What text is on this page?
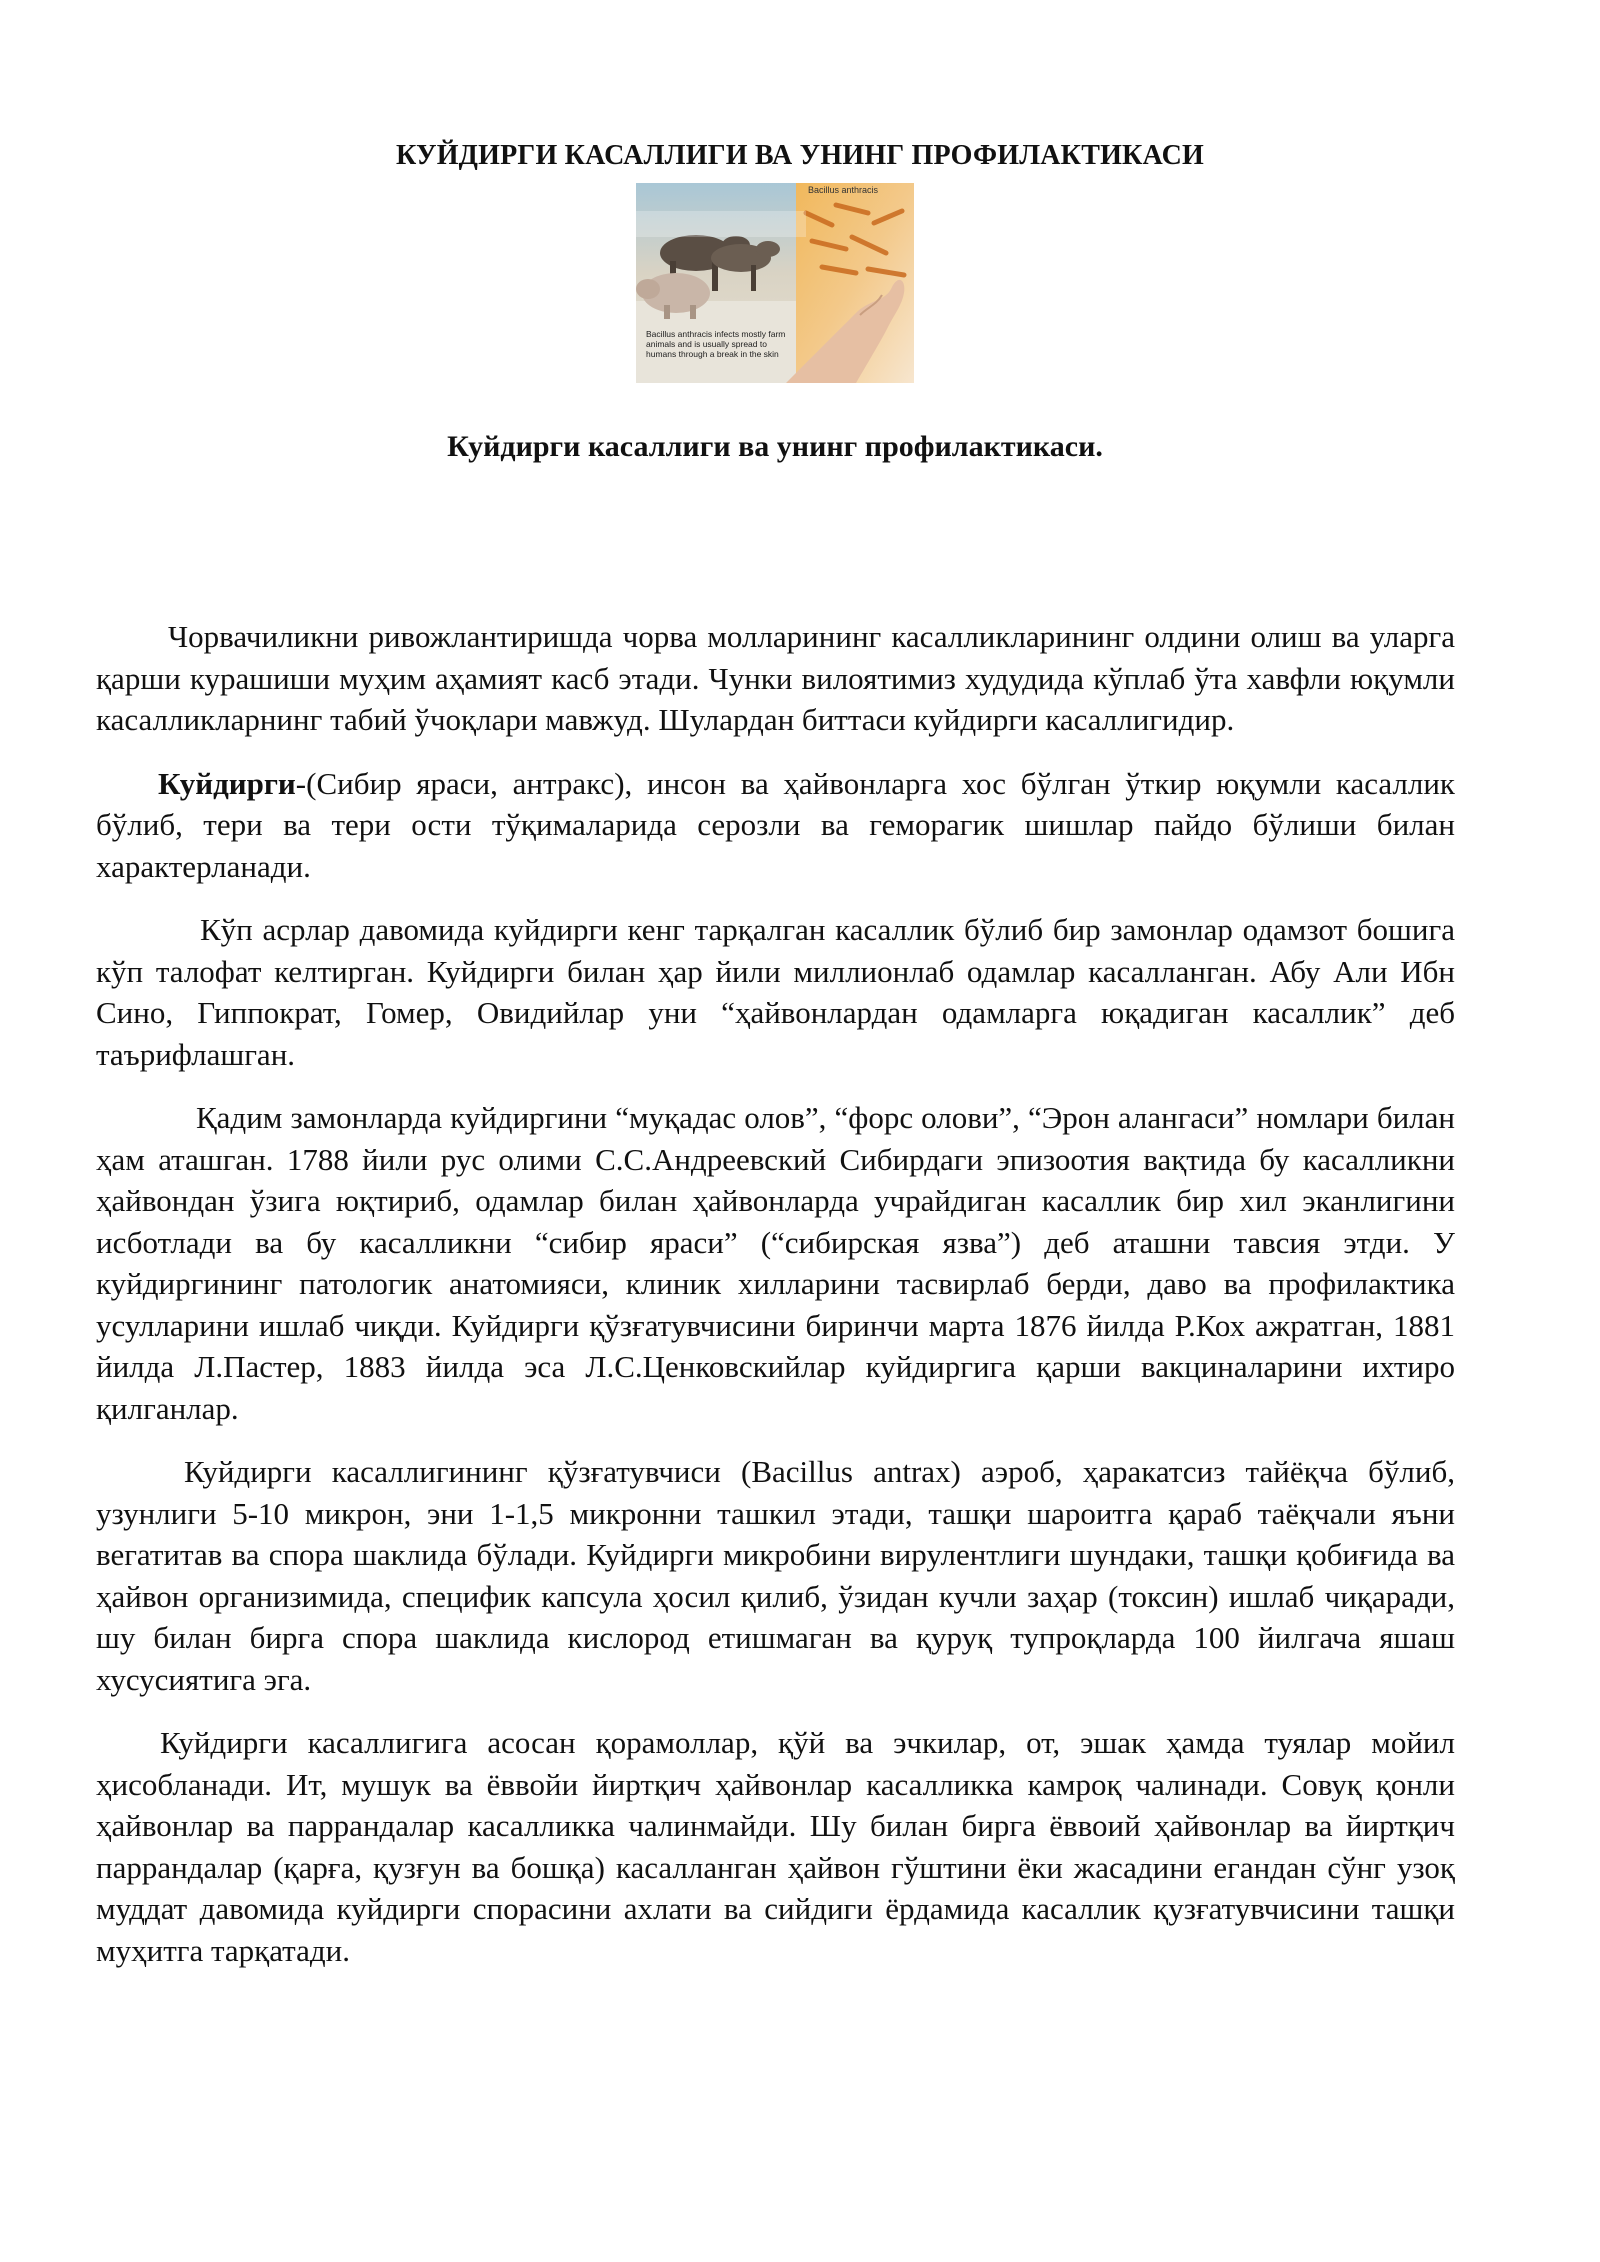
КУЙДИРГИ КАСАЛЛИГИ ВА УНИНГ ПРОФИЛАКТИКАСИ
Bacillus anthracis
Bacillus anthracis infects mostly farm animals and is usually spread to humans through a break in the skin
Куйдирги касаллиги ва унинг профилактикаси.

Чорвачиликни ривожлантиришда чорва молларининг касалликларининг олдини олиш ва уларга қарши курашиши муҳим аҳамият касб этади. Чунки вилоятимиз худудида кўплаб ўта хавфли юқумли касалликларнинг табий ўчоқлари мавжуд. Шулардан биттаси куйдирги касаллигидир.

Куйдирги-(Сибир яраси, антракс), инсон ва ҳайвонларга хос бўлган ўткир юқумли касаллик бўлиб, тери ва тери ости тўқималарида серозли ва геморагик шишлар пайдо бўлиши билан характерланади.

Кўп асрлар давомида куйдирги кенг тарқалган касаллик бўлиб бир замонлар одамзот бошига кўп талофат келтирган. Куйдирги билан ҳар йили миллионлаб одамлар касалланган. Абу Али Ибн Сино, Гиппократ, Гомер, Овидийлар уни “ҳайвонлардан одамларга юқадиган касаллик” деб таърифлашган.

Қадим замонларда куйдиргини “муқадас олов”, “форс олови”, “Эрон алангаси” номлари билан ҳам аташган. 1788 йили рус олими С.С.Андреевский Сибирдаги эпизоотия вақтида бу касалликни ҳайвондан ўзига юқтириб, одамлар билан ҳайвонларда учрайдиган касаллик бир хил эканлигини исботлади ва бу касалликни “сибир яраси” (“сибирская язва”) деб аташни тавсия этди. У куйдиргининг патологик анатомияси, клиник хилларини тасвирлаб берди, даво ва профилактика усулларини ишлаб чиқди. Куйдирги қўзғатувчисини биринчи марта 1876 йилда Р.Кох ажратган, 1881 йилда Л.Пастер, 1883 йилда эса Л.С.Ценковскийлар куйдиргига қарши вакциналарини ихтиро қилганлар.

Куйдирги касаллигининг қўзғатувчиси (Bacillus antrax) аэроб, ҳаракатсиз тайёқча бўлиб, узунлиги 5-10 микрон, эни 1-1,5 микронни ташкил этади, ташқи шароитга қараб таёқчали яъни вегатитав ва спора шаклида бўлади. Куйдирги микробини вирулентлиги шундаки, ташқи қобиғида ва ҳайвон организимида, специфик капсула ҳосил қилиб, ўзидан кучли заҳар (токсин) ишлаб чиқаради, шу билан бирга спора шаклида кислород етишмаган ва қуруқ тупроқларда 100 йилгача яшаш хусусиятига эга.

Куйдирги касаллигига асосан қорамоллар, қўй ва эчкилар, от, эшак ҳамда туялар мойил ҳисобланади. Ит, мушук ва ёввойи йиртқич ҳайвонлар касалликка камроқ чалинади. Совуқ қонли ҳайвонлар ва паррандалар касалликка чалинмайди. Шу билан бирга ёввоий ҳайвонлар ва йиртқич паррандалар (қарға, қузғун ва бошқа) касалланган ҳайвон гўштини ёки жасадини егандан сўнг узоқ муддат давомида куйдирги спорасини ахлати ва сийдиги ёрдамида касаллик қузғатувчисини ташқи муҳитга тарқатади.
